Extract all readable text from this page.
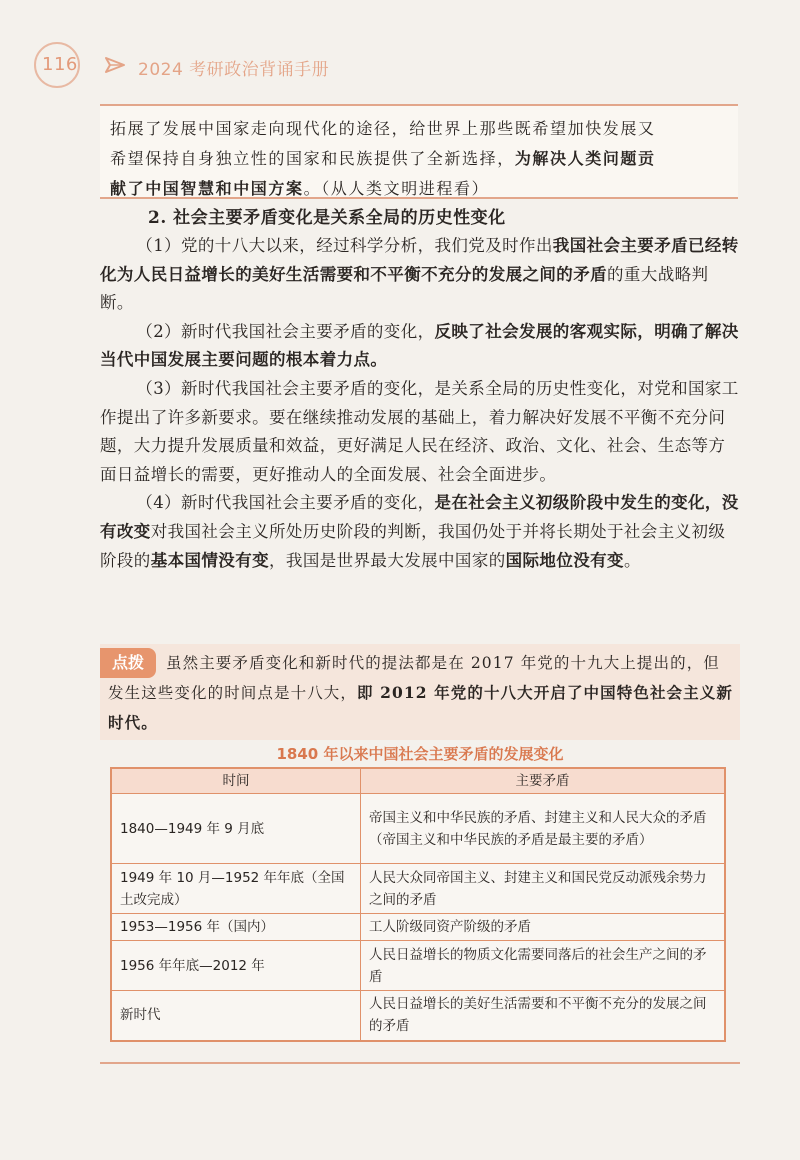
116	2024 考研政治背诵手册
拓展了发展中国家走向现代化的途径，给世界上那些既希望加快发展又
希望保持自身独立性的国家和民族提供了全新选择，为解决人类问题贡
献了中国智慧和中国方案。（从人类文明进程看）
2. 社会主要矛盾变化是关系全局的历史性变化

（1）党的十八大以来，经过科学分析，我们党及时作出我国社会主要矛盾已经转化为人民日益增长的美好生活需要和不平衡不充分的发展之间的矛盾的重大战略判断。

（2）新时代我国社会主要矛盾的变化，反映了社会发展的客观实际，明确了解决当代中国发展主要问题的根本着力点。

（3）新时代我国社会主要矛盾的变化，是关系全局的历史性变化，对党和国家工作提出了许多新要求。要在继续推动发展的基础上，着力解决好发展不平衡不充分问题，大力提升发展质量和效益，更好满足人民在经济、政治、文化、社会、生态等方面日益增长的需要，更好推动人的全面发展、社会全面进步。

（4）新时代我国社会主要矛盾的变化，是在社会主义初级阶段中发生的变化，没有改变对我国社会主义所处历史阶段的判断，我国仍处于并将长期处于社会主义初级阶段的基本国情没有变，我国是世界最大发展中国家的国际地位没有变。

虽然主要矛盾变化和新时代的提法都是在 2017 年党的十九大上提出的，但发生这些变化的时间点是十八大，即 2012 年党的十八大开启了中国特色社会主义新时代。
点拨
1840 年以来中国社会主要矛盾的发展变化
时间	主要矛盾
1840—1949 年 9 月底	帝国主义和中华民族的矛盾、封建主义和人民大众的矛盾（帝国主义和中华民族的矛盾是最主要的矛盾）
1949 年 10 月—1952 年年底（全国土改完成）	人民大众同帝国主义、封建主义和国民党反动派残余势力之间的矛盾
1953—1956 年（国内）	工人阶级同资产阶级的矛盾
1956 年年底—2012 年	人民日益增长的物质文化需要同落后的社会生产之间的矛盾
新时代	人民日益增长的美好生活需要和不平衡不充分的发展之间的矛盾
